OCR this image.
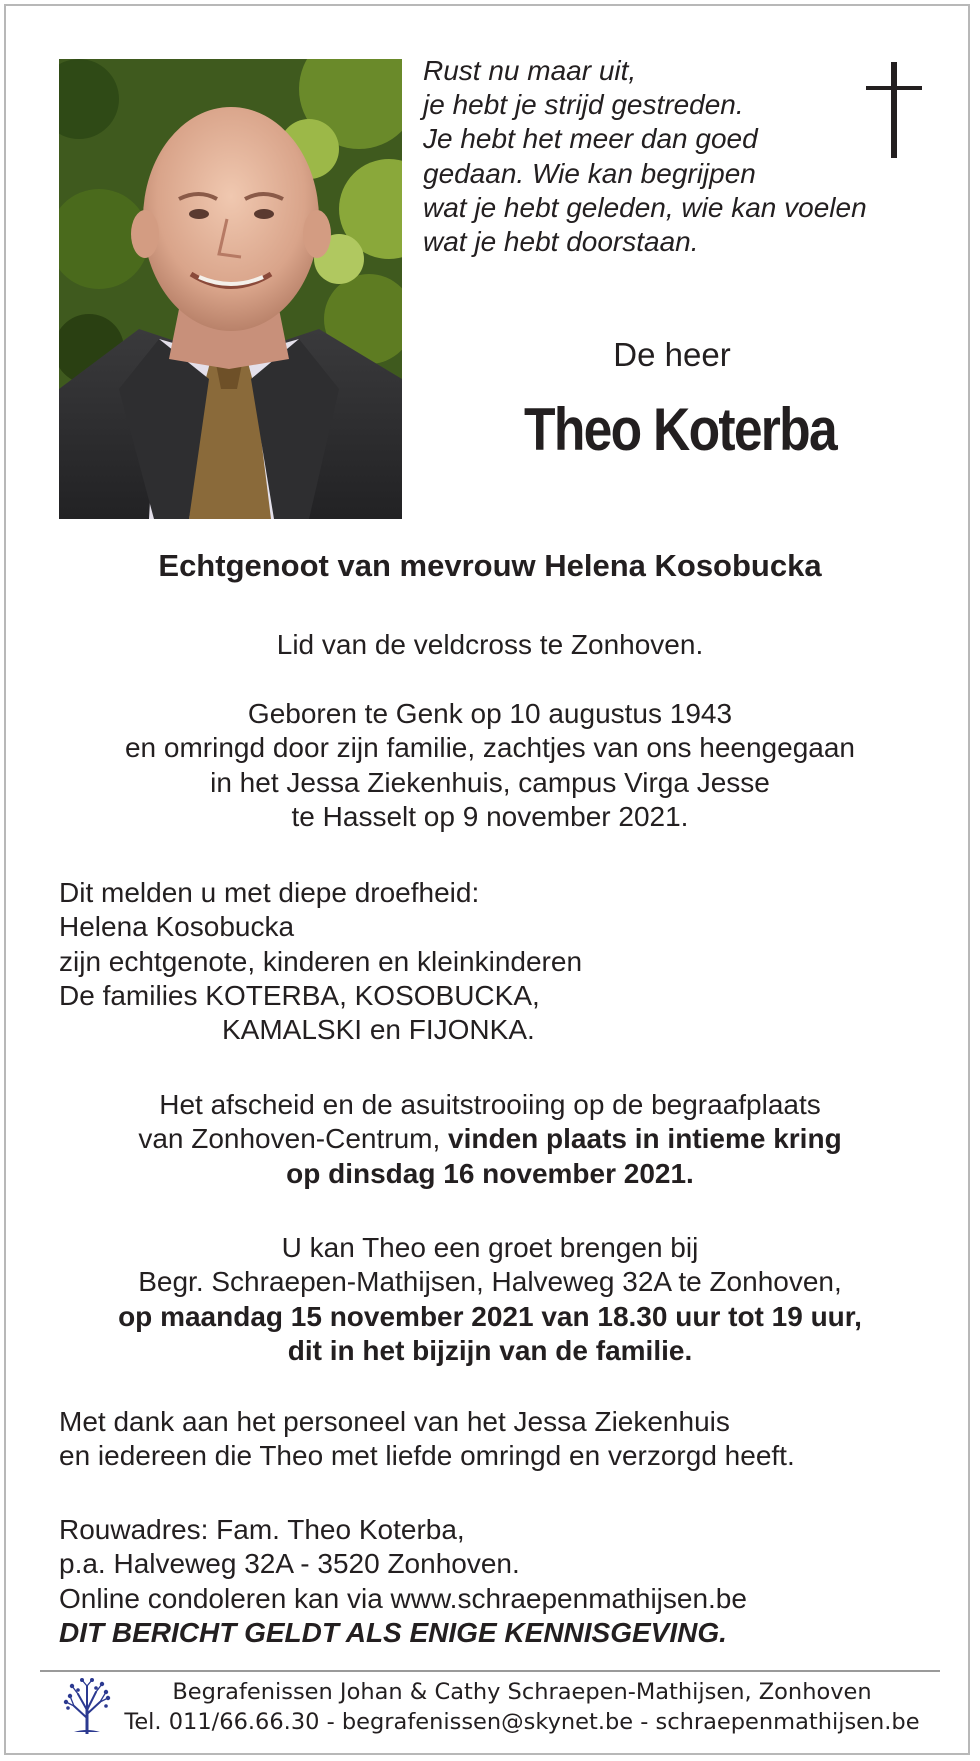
Rust nu maar uit,
je hebt je strijd gestreden.
Je hebt het meer dan goed
gedaan. Wie kan begrijpen
wat je hebt geleden, wie kan voelen
wat je hebt doorstaan.
De heer
Theo Koterba
Echtgenoot van mevrouw Helena Kosobucka
Lid van de veldcross te Zonhoven.
Geboren te Genk op 10 augustus 1943
en omringd door zijn familie, zachtjes van ons heengegaan
in het Jessa Ziekenhuis, campus Virga Jesse
te Hasselt op 9 november 2021.
Dit melden u met diepe droefheid:
Helena Kosobucka
zijn echtgenote, kinderen en kleinkinderen
De families KOTERBA, KOSOBUCKA,
KAMALSKI en FIJONKA.
Het afscheid en de asuitstrooiing op de begraafplaats
van Zonhoven-Centrum, vinden plaats in intieme kring
op dinsdag 16 november 2021.
U kan Theo een groet brengen bij
Begr. Schraepen-Mathijsen, Halveweg 32A te Zonhoven,
op maandag 15 november 2021 van 18.30 uur tot 19 uur,
dit in het bijzijn van de familie.
Met dank aan het personeel van het Jessa Ziekenhuis
en iedereen die Theo met liefde omringd en verzorgd heeft.
Rouwadres: Fam. Theo Koterba,
p.a. Halveweg 32A - 3520 Zonhoven.
Online condoleren kan via www.schraepenmathijsen.be
DIT BERICHT GELDT ALS ENIGE KENNISGEVING.
Begrafenissen Johan & Cathy Schraepen-Mathijsen, Zonhoven
Tel. 011/66.66.30 - begrafenissen@skynet.be - schraepenmathijsen.be
